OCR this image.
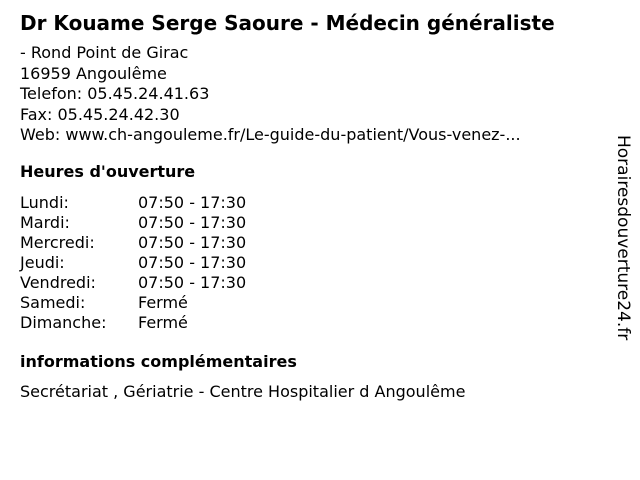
Dr Kouame Serge Saoure - Médecin généraliste
- Rond Point de Girac
16959 Angoulême
Telefon: 05.45.24.41.63
Fax: 05.45.24.42.30
Web: www.ch-angouleme.fr/Le-guide-du-patient/Vous-venez-...
Heures d'ouverture
Lundi:	07:50 - 17:30
Mardi:	07:50 - 17:30
Mercredi:	07:50 - 17:30
Jeudi:	07:50 - 17:30
Vendredi:	07:50 - 17:30
Samedi:	Fermé
Dimanche:	Fermé
informations complémentaires
Secrétariat , Gériatrie - Centre Hospitalier d Angoulême
Horairesdouverture24.fr
